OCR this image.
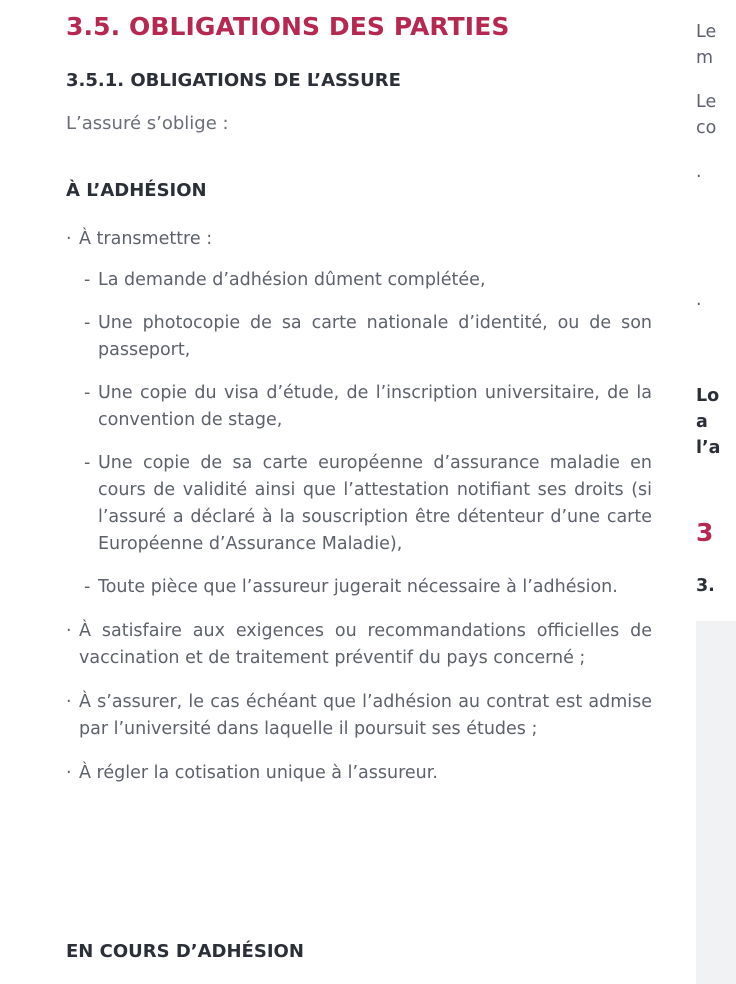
3.5. OBLIGATIONS DES PARTIES
3.5.1. OBLIGATIONS DE L’ASSURE

L’assuré s’oblige :

À L’ADHÉSION
· À transmettre :
- La demande d’adhésion dûment complétée,
- Une photocopie de sa carte nationale d’identité, ou de son passeport,
- Une copie du visa d’étude, de l’inscription universitaire, de la convention de stage,
- Une copie de sa carte européenne d’assurance maladie en cours de validité ainsi que l’attestation notifiant ses droits (si l’assuré a déclaré à la souscription être détenteur d’une carte Européenne d’Assurance Maladie),
- Toute pièce que l’assureur jugerait nécessaire à l’adhésion.
· À satisfaire aux exigences ou recommandations officielles de vaccination et de traitement préventif du pays concerné ;
· À s’assurer, le cas échéant que l’adhésion au contrat est admise par l’université dans laquelle il poursuit ses études ;
· À régler la cotisation unique à l’assureur.
EN COURS D’ADHÉSION
Le
m
Le
co
.
.
Lo
a
l’a
3
3.
